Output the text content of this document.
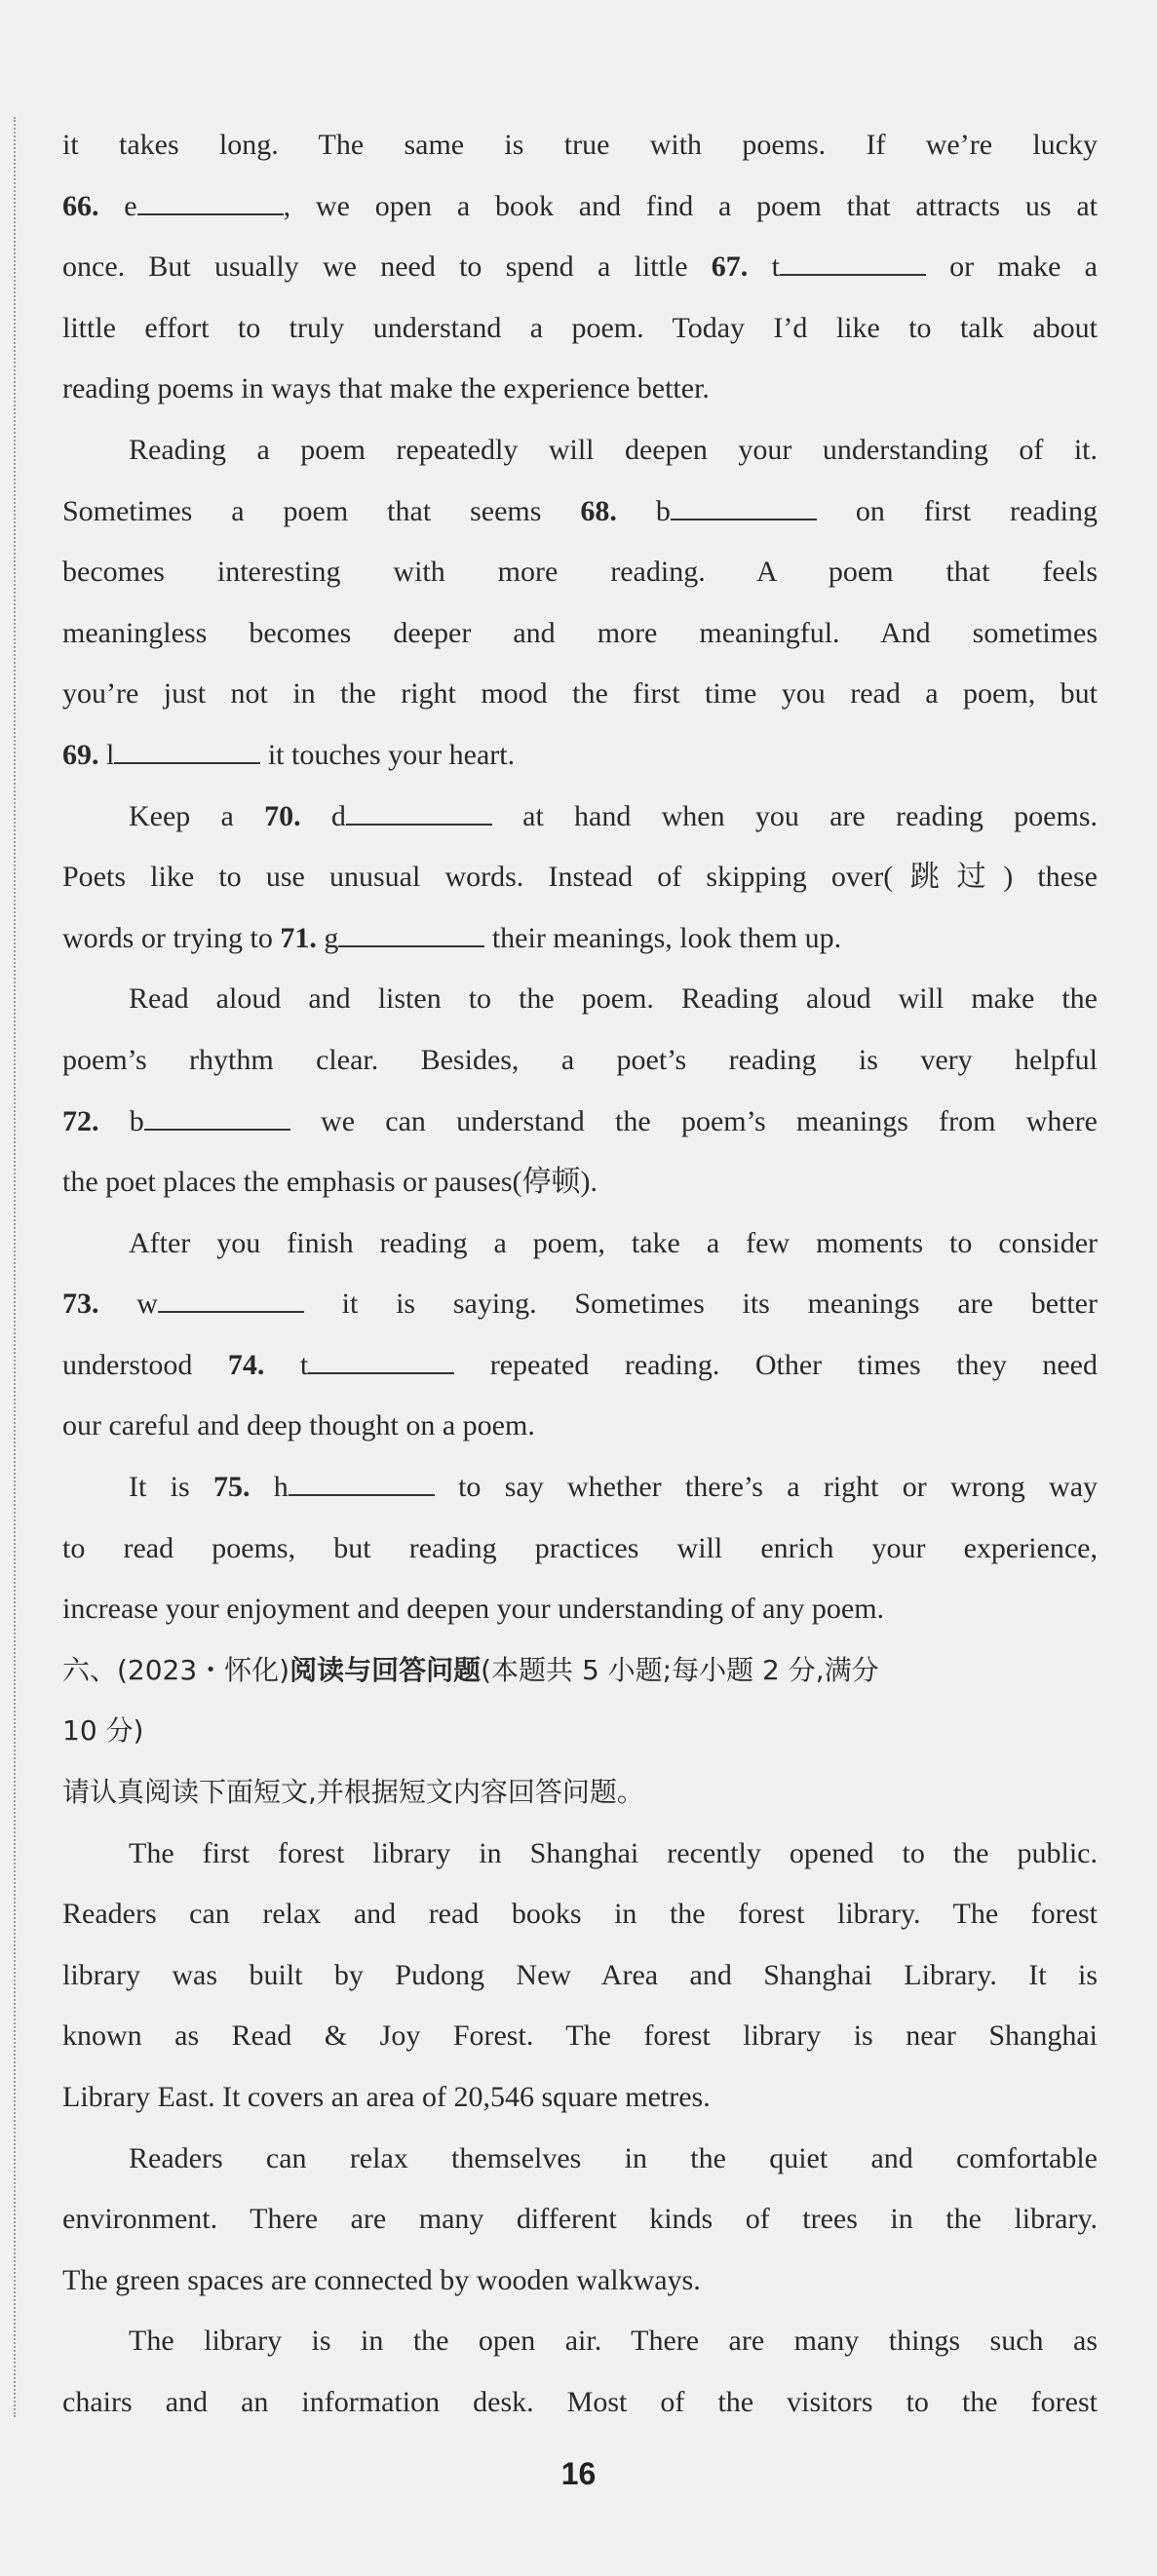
it takes long. The same is true with poems. If we’re lucky
66. e	, we open a book and find a poem that attracts us at
once. But usually we need to spend a little 67. t	or make a
little effort to truly understand a poem. Today I’d like to talk about
reading poems in ways that make the experience better.
Reading a poem repeatedly will deepen your understanding of it.
Sometimes a poem that seems 68. b	on first reading
becomes interesting with more reading. A poem that feels
meaningless becomes deeper and more meaningful. And sometimes
you’re just not in the right mood the first time you read a poem, but
69. l	it touches your heart.
Keep a 70. d	at hand when you are reading poems.
Poets like to use unusual words. Instead of skipping over(跳过) these
words or trying to 71. g	their meanings, look them up.
Read aloud and listen to the poem. Reading aloud will make the
poem’s rhythm clear. Besides, a poet’s reading is very helpful
72. b	we can understand the poem’s meanings from where
the poet places the emphasis or pauses(停顿).
After you finish reading a poem, take a few moments to consider
73. w	it is saying. Sometimes its meanings are better
understood 74. t	repeated reading. Other times they need
our careful and deep thought on a poem.
It is 75. h	to say whether there’s a right or wrong way
to read poems, but reading practices will enrich your experience,
increase your enjoyment and deepen your understanding of any poem.
六、(2023・怀化)阅读与回答问题(本题共 5 小题;每小题 2 分,满分
10 分)
请认真阅读下面短文,并根据短文内容回答问题。
The first forest library in Shanghai recently opened to the public.
Readers can relax and read books in the forest library. The forest
library was built by Pudong New Area and Shanghai Library. It is
known as Read & Joy Forest. The forest library is near Shanghai
Library East. It covers an area of 20,546 square metres.
Readers can relax themselves in the quiet and comfortable
environment. There are many different kinds of trees in the library.
The green spaces are connected by wooden walkways.
The library is in the open air. There are many things such as
chairs and an information desk. Most of the visitors to the forest
16
